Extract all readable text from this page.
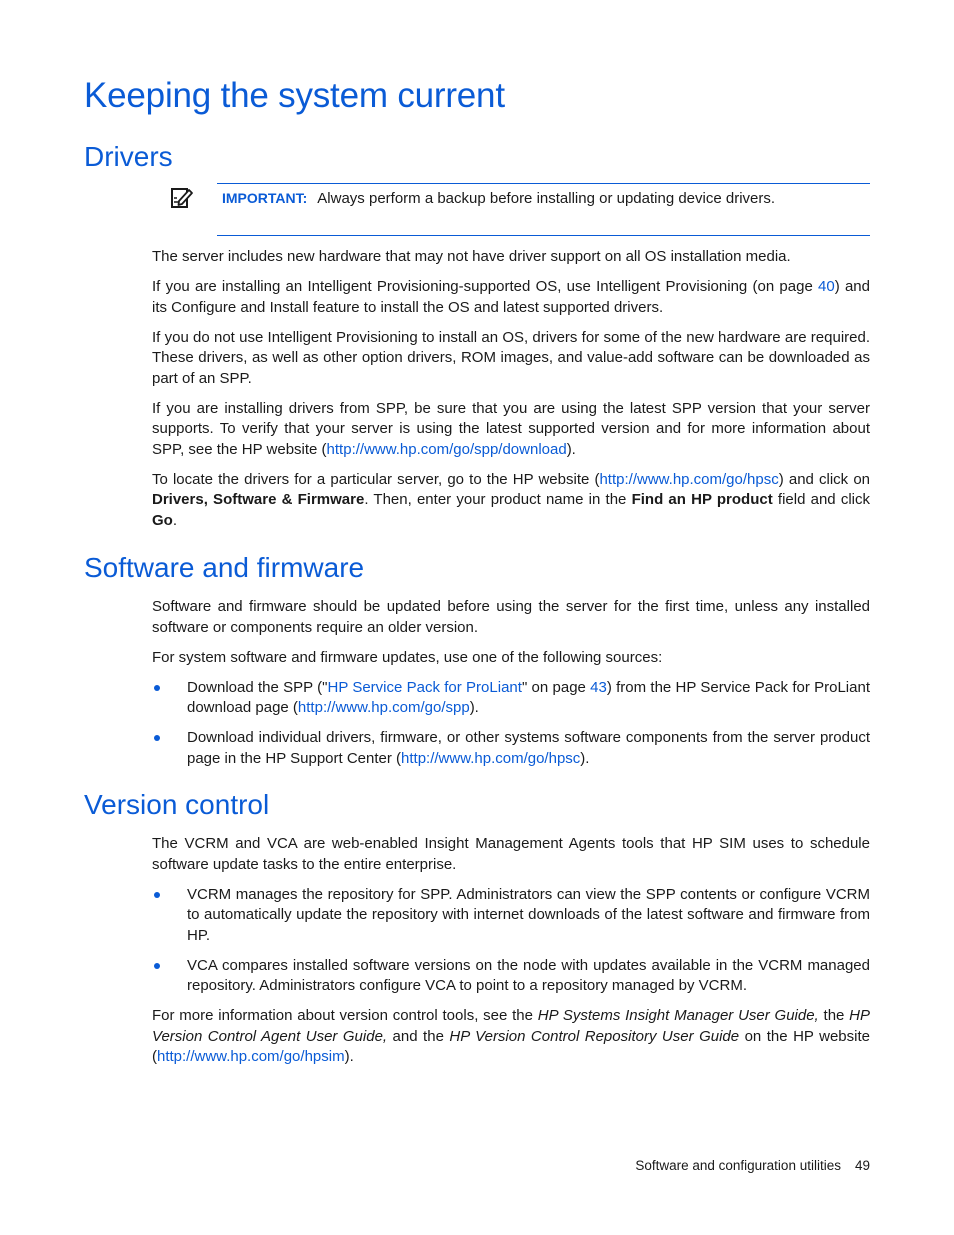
Keeping the system current
Drivers
IMPORTANT: Always perform a backup before installing or updating device drivers.

The server includes new hardware that may not have driver support on all OS installation media.

If you are installing an Intelligent Provisioning-supported OS, use Intelligent Provisioning (on page 40) and its Configure and Install feature to install the OS and latest supported drivers.

If you do not use Intelligent Provisioning to install an OS, drivers for some of the new hardware are required. These drivers, as well as other option drivers, ROM images, and value-add software can be downloaded as part of an SPP.

If you are installing drivers from SPP, be sure that you are using the latest SPP version that your server supports. To verify that your server is using the latest supported version and for more information about SPP, see the HP website (http://www.hp.com/go/spp/download).

To locate the drivers for a particular server, go to the HP website (http://www.hp.com/go/hpsc) and click on Drivers, Software & Firmware. Then, enter your product name in the Find an HP product field and click Go.

Software and firmware

Software and firmware should be updated before using the server for the first time, unless any installed software or components require an older version.

For system software and firmware updates, use one of the following sources:

Download the SPP ("HP Service Pack for ProLiant" on page 43) from the HP Service Pack for ProLiant download page (http://www.hp.com/go/spp).
Download individual drivers, firmware, or other systems software components from the server product page in the HP Support Center (http://www.hp.com/go/hpsc).
Version control

The VCRM and VCA are web-enabled Insight Management Agents tools that HP SIM uses to schedule software update tasks to the entire enterprise.

VCRM manages the repository for SPP. Administrators can view the SPP contents or configure VCRM to automatically update the repository with internet downloads of the latest software and firmware from HP.
VCA compares installed software versions on the node with updates available in the VCRM managed repository. Administrators configure VCA to point to a repository managed by VCRM.

For more information about version control tools, see the HP Systems Insight Manager User Guide, the HP Version Control Agent User Guide, and the HP Version Control Repository User Guide on the HP website (http://www.hp.com/go/hpsim).

Software and configuration utilities 49
